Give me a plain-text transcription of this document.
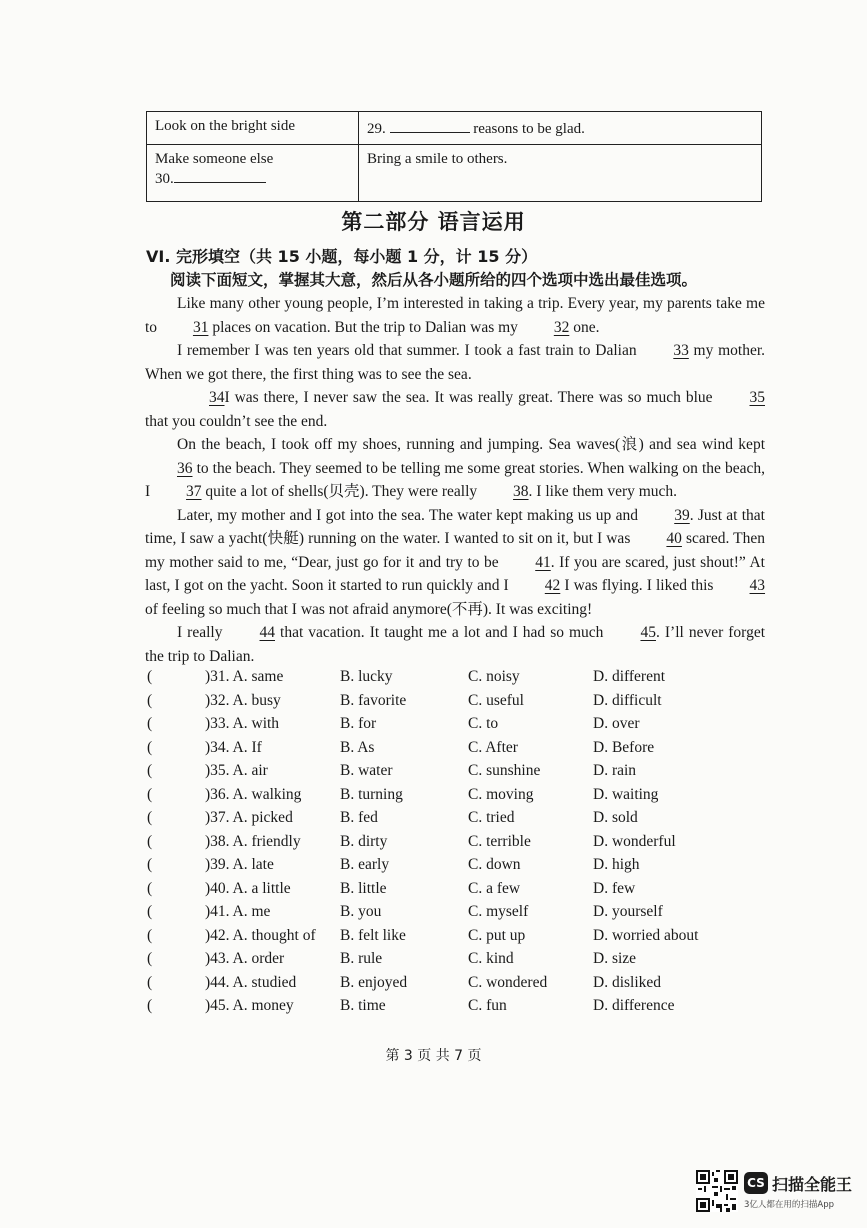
Look on the bright side	29. reasons to be glad.
Make someone else
30.	Bring a smile to others.
第二部分 语言运用
VI. 完形填空（共 15 小题，每小题 1 分，计 15 分）
阅读下面短文，掌握其大意，然后从各小题所给的四个选项中选出最佳选项。

Like many other young people, I’m interested in taking a trip. Every year, my parents take me to 31 places on vacation. But the trip to Dalian was my 32 one.

I remember I was ten years old that summer. I took a fast train to Dalian 33 my mother. When we got there, the first thing was to see the sea.

34I was there, I never saw the sea. It was really great. There was so much blue 35 that you couldn’t see the end.

On the beach, I took off my shoes, running and jumping. Sea waves(浪) and sea wind kept 36 to the beach. They seemed to be telling me some great stories. When walking on the beach, I 37 quite a lot of shells(贝壳). They were really 38. I like them very much.

Later, my mother and I got into the sea. The water kept making us up and 39. Just at that time, I saw a yacht(快艇) running on the water. I wanted to sit on it, but I was 40 scared. Then my mother said to me, “Dear, just go for it and try to be 41. If you are scared, just shout!” At last, I got on the yacht. Soon it started to run quickly and I 42 I was flying. I liked this 43 of feeling so much that I was not afraid anymore(不再). It was exciting!

I really 44 that vacation. It taught me a lot and I had so much 45. I’ll never forget the trip to Dalian.

(	)31. A. same	B. lucky	C. noisy	D. different
(	)32. A. busy	B. favorite	C. useful	D. difficult
(	)33. A. with	B. for	C. to	D. over
(	)34. A. If	B. As	C. After	D. Before
(	)35. A. air	B. water	C. sunshine	D. rain
(	)36. A. walking B. turning	C. moving	D. waiting
(	)37. A. picked	B. fed	C. tried	D. sold
(	)38. A. friendly	B. dirty	C. terrible	D. wonderful
(	)39. A. late	B. early	C. down	D. high
(	)40. A. a little	B. little	C. a few	D. few
(	)41. A. me	B. you	C. myself	D. yourself
(	)42. A. thought of B. felt like	C. put up	D. worried about
(	)43. A. order	B. rule	C. kind	D. size
(	)44. A. studied	B. enjoyed	C. wondered	D. disliked
(	)45. A. money	B. time	C. fun	D. difference
第 3 页 共 7 页
CS 扫描全能王
3亿人都在用的扫描App
